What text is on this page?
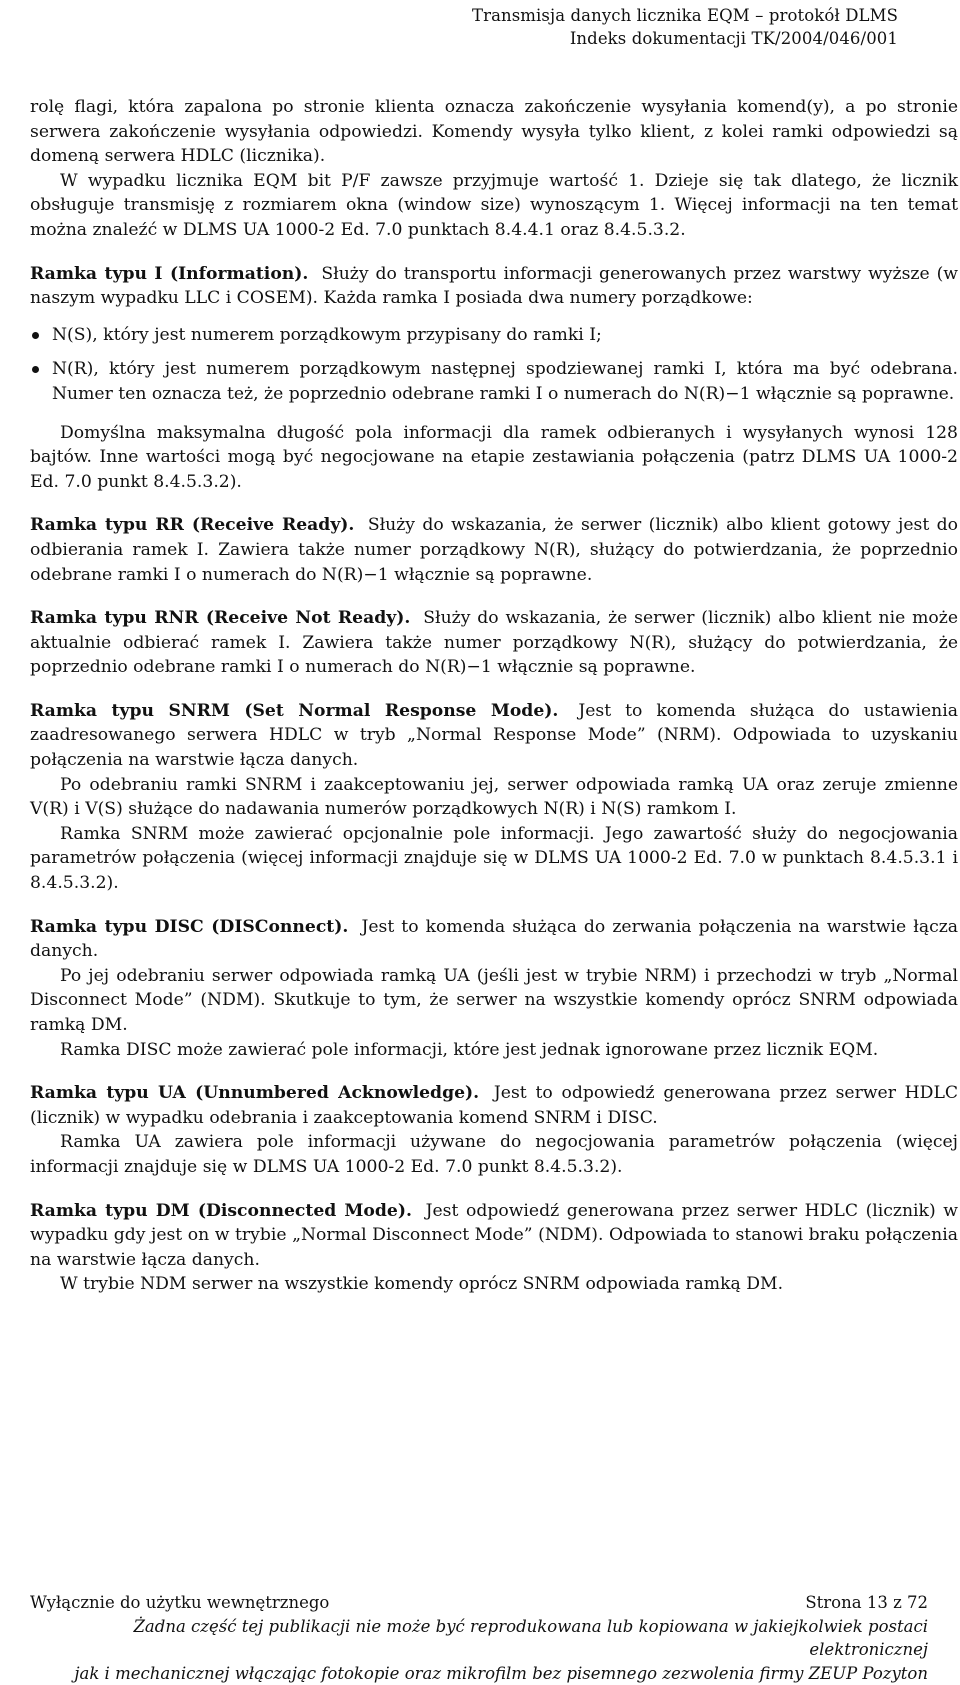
Transmisja danych licznika EQM – protokół DLMS
Indeks dokumentacji TK/2004/046/001

rolę flagi, która zapalona po stronie klienta oznacza zakończenie wysyłania komend(y), a po stronie serwera zakończenie wysyłania odpowiedzi. Komendy wysyła tylko klient, z kolei ramki odpowiedzi są domeną serwera HDLC (licznika).

W wypadku licznika EQM bit P/F zawsze przyjmuje wartość 1. Dzieje się tak dlatego, że licznik obsługuje transmisję z rozmiarem okna (window size) wynoszącym 1. Więcej informacji na ten temat można znaleźć w DLMS UA 1000-2 Ed. 7.0 punktach 8.4.4.1 oraz 8.4.5.3.2.

Ramka typu I (Information). Służy do transportu informacji generowanych przez warstwy wyższe (w naszym wypadku LLC i COSEM). Każda ramka I posiada dwa numery porządkowe:

N(S), który jest numerem porządkowym przypisany do ramki I;
N(R), który jest numerem porządkowym następnej spodziewanej ramki I, która ma być odebrana. Numer ten oznacza też, że poprzednio odebrane ramki I o numerach do N(R)−1 włącznie są poprawne.

Domyślna maksymalna długość pola informacji dla ramek odbieranych i wysyłanych wynosi 128 bajtów. Inne wartości mogą być negocjowane na etapie zestawiania połączenia (patrz DLMS UA 1000-2 Ed. 7.0 punkt 8.4.5.3.2).

Ramka typu RR (Receive Ready). Służy do wskazania, że serwer (licznik) albo klient gotowy jest do odbierania ramek I. Zawiera także numer porządkowy N(R), służący do potwierdzania, że poprzednio odebrane ramki I o numerach do N(R)−1 włącznie są poprawne.

Ramka typu RNR (Receive Not Ready). Służy do wskazania, że serwer (licznik) albo klient nie może aktualnie odbierać ramek I. Zawiera także numer porządkowy N(R), służący do potwierdzania, że poprzednio odebrane ramki I o numerach do N(R)−1 włącznie są poprawne.

Ramka typu SNRM (Set Normal Response Mode). Jest to komenda służąca do ustawienia zaadresowanego serwera HDLC w tryb „Normal Response Mode” (NRM). Odpowiada to uzyskaniu połączenia na warstwie łącza danych.

Po odebraniu ramki SNRM i zaakceptowaniu jej, serwer odpowiada ramką UA oraz zeruje zmienne V(R) i V(S) służące do nadawania numerów porządkowych N(R) i N(S) ramkom I.

Ramka SNRM może zawierać opcjonalnie pole informacji. Jego zawartość służy do negocjowania parametrów połączenia (więcej informacji znajduje się w DLMS UA 1000-2 Ed. 7.0 w punktach 8.4.5.3.1 i 8.4.5.3.2).

Ramka typu DISC (DISConnect). Jest to komenda służąca do zerwania połączenia na warstwie łącza danych.

Po jej odebraniu serwer odpowiada ramką UA (jeśli jest w trybie NRM) i przechodzi w tryb „Normal Disconnect Mode” (NDM). Skutkuje to tym, że serwer na wszystkie komendy oprócz SNRM odpowiada ramką DM.

Ramka DISC może zawierać pole informacji, które jest jednak ignorowane przez licznik EQM.

Ramka typu UA (Unnumbered Acknowledge). Jest to odpowiedź generowana przez serwer HDLC (licznik) w wypadku odebrania i zaakceptowania komend SNRM i DISC.

Ramka UA zawiera pole informacji używane do negocjowania parametrów połączenia (więcej informacji znajduje się w DLMS UA 1000-2 Ed. 7.0 punkt 8.4.5.3.2).

Ramka typu DM (Disconnected Mode). Jest odpowiedź generowana przez serwer HDLC (licznik) w wypadku gdy jest on w trybie „Normal Disconnect Mode” (NDM). Odpowiada to stanowi braku połączenia na warstwie łącza danych.

W trybie NDM serwer na wszystkie komendy oprócz SNRM odpowiada ramką DM.

Wyłącznie do użytku wewnętrznego	Strona 13 z 72
Żadna część tej publikacji nie może być reprodukowana lub kopiowana w jakiejkolwiek postaci elektronicznej
jak i mechanicznej włączając fotokopie oraz mikrofilm bez pisemnego zezwolenia firmy ZEUP Pozyton
